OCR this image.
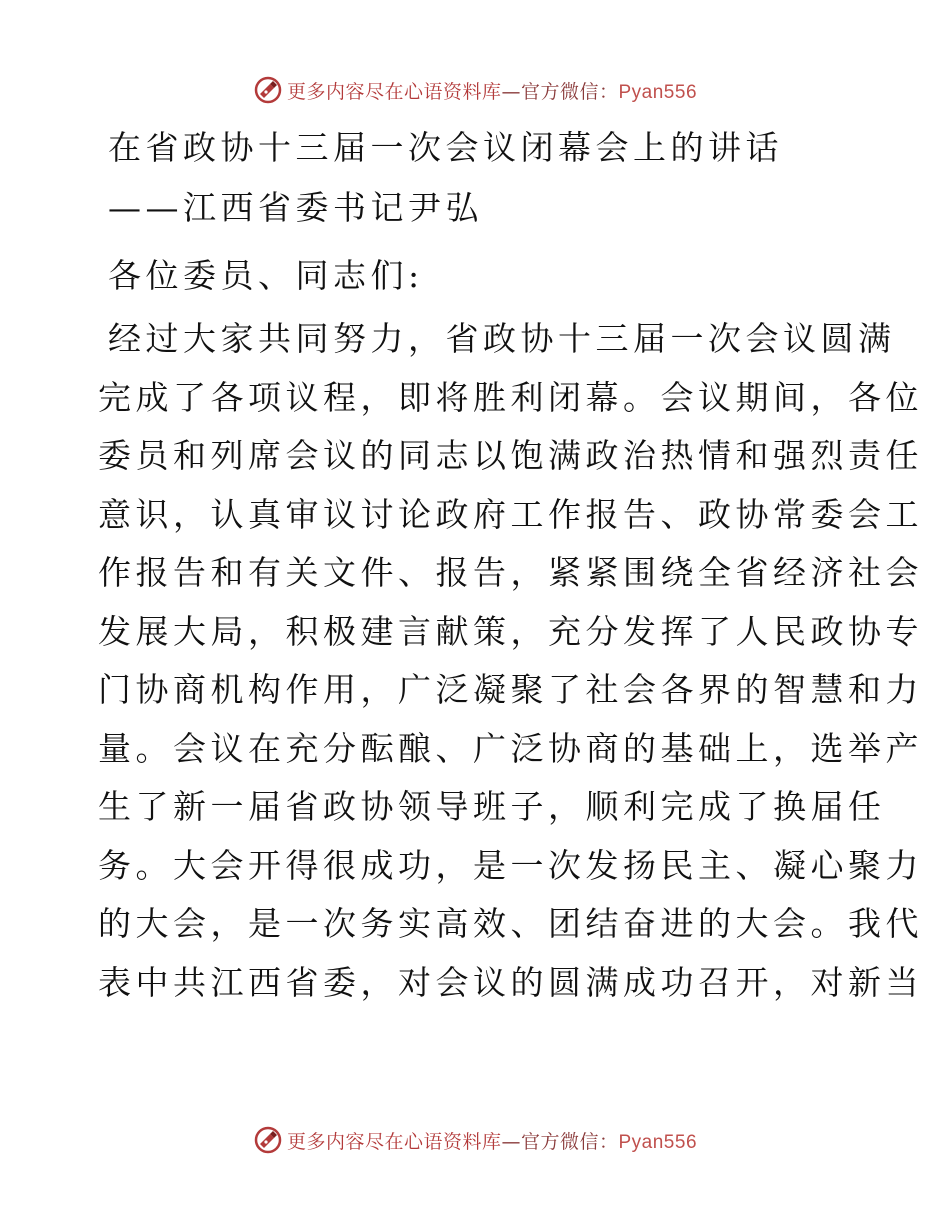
更多内容尽在心语资料库—官方微信：Pyan556
在省政协十三届一次会议闭幕会上的讲话
——江西省委书记尹弘
各位委员、同志们:
经过大家共同努力，省政协十三届一次会议圆满
完成了各项议程，即将胜利闭幕。会议期间，各位
委员和列席会议的同志以饱满政治热情和强烈责任
意识，认真审议讨论政府工作报告、政协常委会工
作报告和有关文件、报告，紧紧围绕全省经济社会
发展大局，积极建言献策，充分发挥了人民政协专
门协商机构作用，广泛凝聚了社会各界的智慧和力
量。会议在充分酝酿、广泛协商的基础上，选举产
生了新一届省政协领导班子，顺利完成了换届任
务。大会开得很成功，是一次发扬民主、凝心聚力
的大会，是一次务实高效、团结奋进的大会。我代
表中共江西省委，对会议的圆满成功召开，对新当
更多内容尽在心语资料库—官方微信：Pyan556
